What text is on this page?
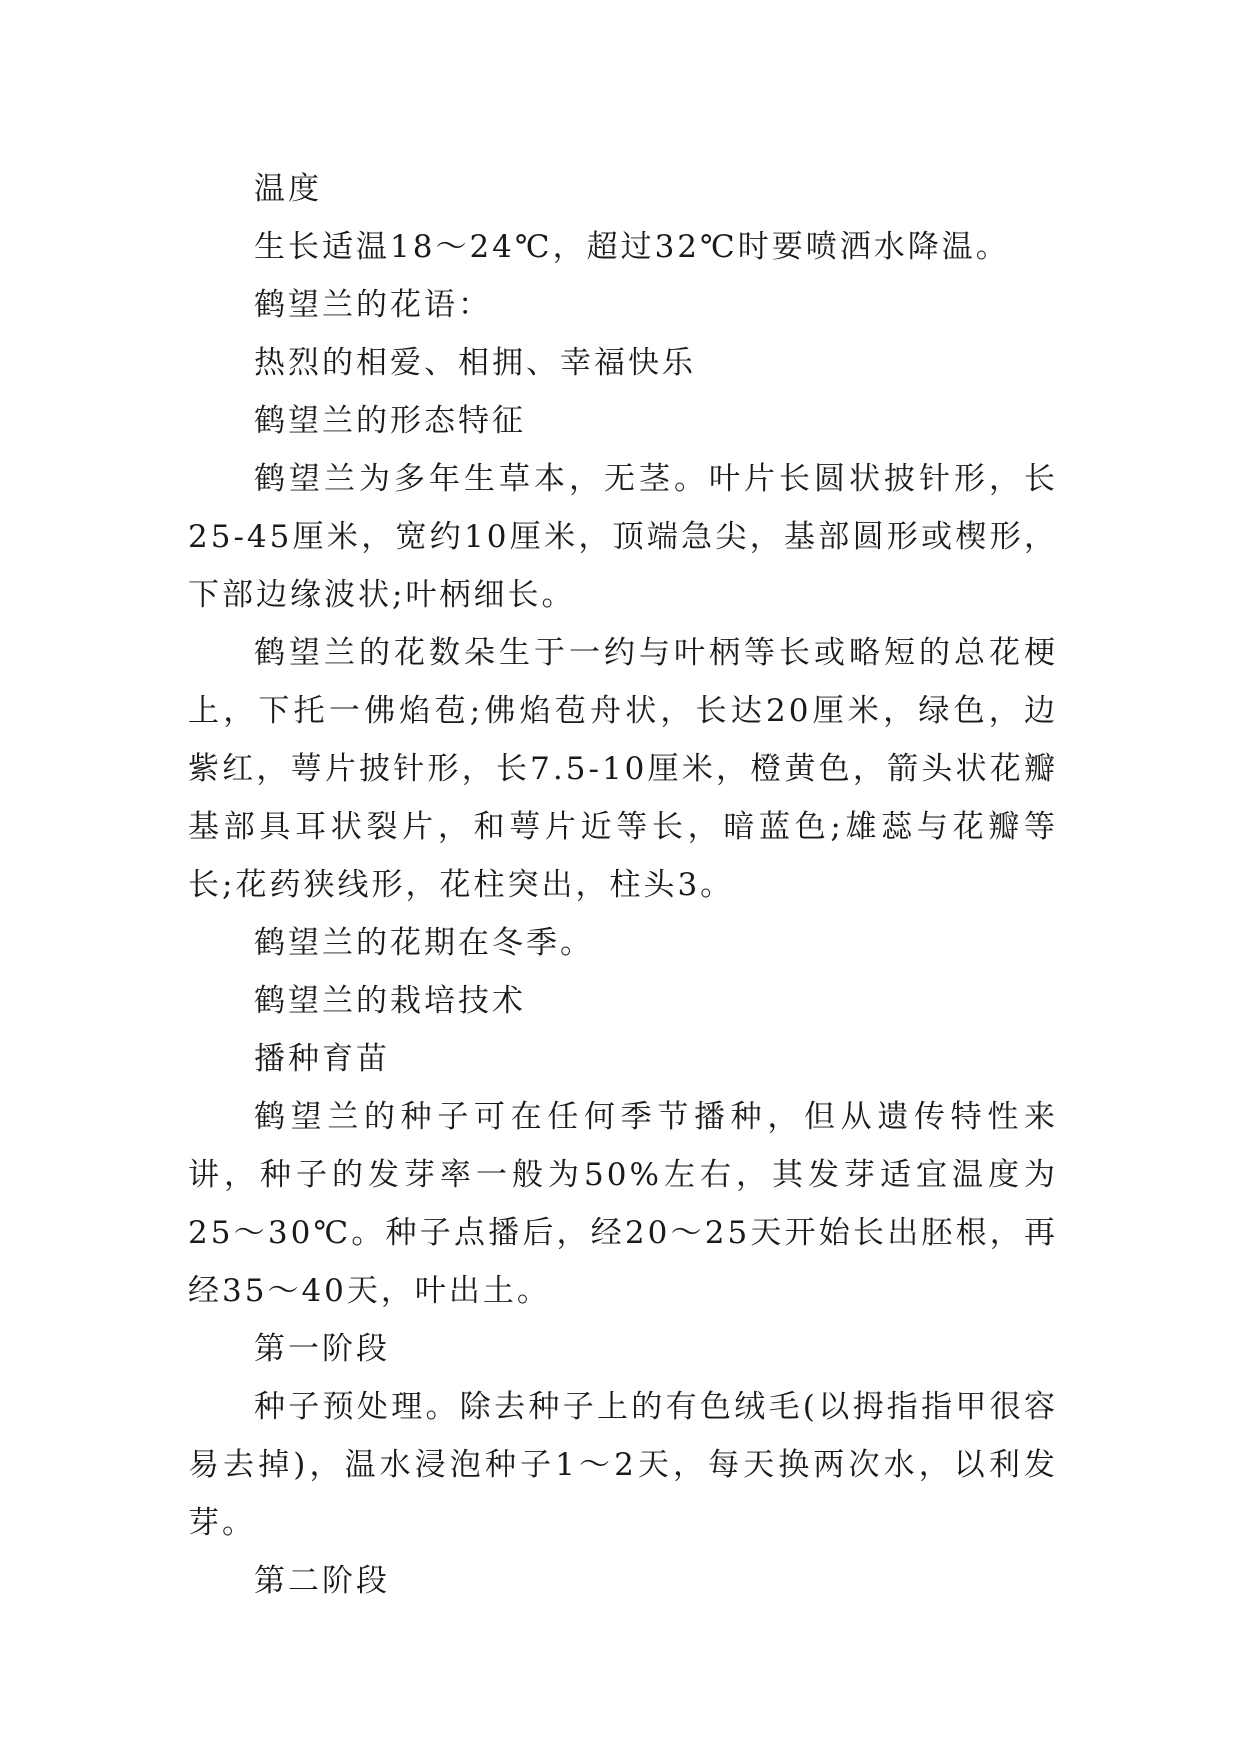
温度

生长适温18～24℃，超过32℃时要喷洒水降温。

鹤望兰的花语：

热烈的相爱、相拥、幸福快乐

鹤望兰的形态特征

鹤望兰为多年生草本，无茎。叶片长圆状披针形，长25-45厘米，宽约10厘米，顶端急尖，基部圆形或楔形，下部边缘波状;叶柄细长。

鹤望兰的花数朵生于一约与叶柄等长或略短的总花梗上，下托一佛焰苞;佛焰苞舟状，长达20厘米，绿色，边紫红，萼片披针形，长7.5-10厘米，橙黄色，箭头状花瓣基部具耳状裂片，和萼片近等长，暗蓝色;雄蕊与花瓣等长;花药狭线形，花柱突出，柱头3。

鹤望兰的花期在冬季。

鹤望兰的栽培技术

播种育苗

鹤望兰的种子可在任何季节播种，但从遗传特性来讲，种子的发芽率一般为50%左右，其发芽适宜温度为25～30℃。种子点播后，经20～25天开始长出胚根，再经35～40天，叶出土。

第一阶段

种子预处理。除去种子上的有色绒毛(以拇指指甲很容易去掉)，温水浸泡种子1～2天，每天换两次水，以利发芽。

第二阶段
